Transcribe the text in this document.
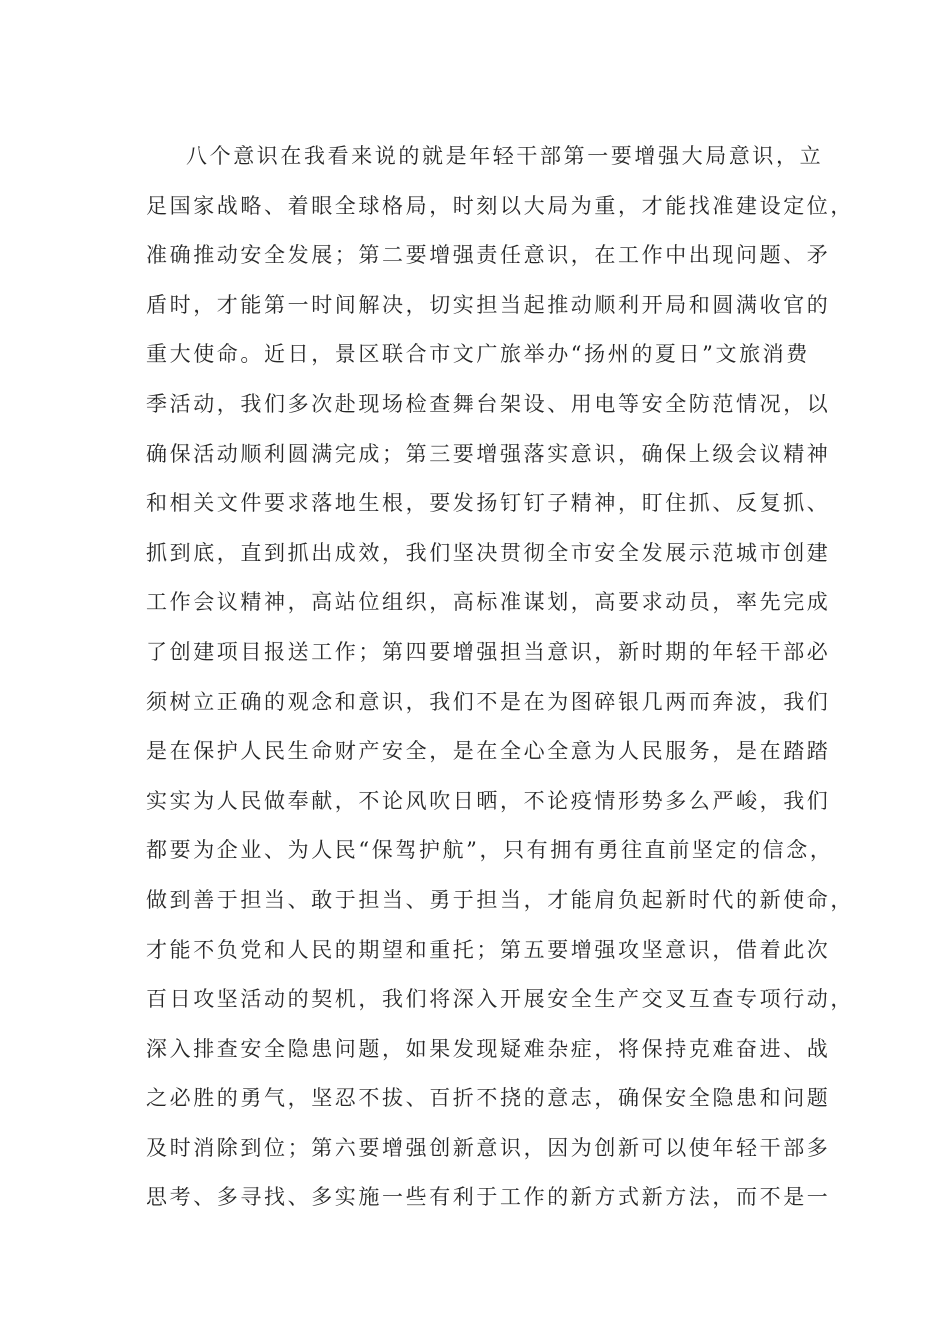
八个意识在我看来说的就是年轻干部第一要增强大局意识，立
足国家战略、着眼全球格局，时刻以大局为重，才能找准建设定位，
准确推动安全发展；第二要增强责任意识，在工作中出现问题、矛
盾时，才能第一时间解决，切实担当起推动顺利开局和圆满收官的
重大使命。近日，景区联合市文广旅举办“扬州的夏日”文旅消费
季活动，我们多次赴现场检查舞台架设、用电等安全防范情况，以
确保活动顺利圆满完成；第三要增强落实意识，确保上级会议精神
和相关文件要求落地生根，要发扬钉钉子精神，盯住抓、反复抓、
抓到底，直到抓出成效，我们坚决贯彻全市安全发展示范城市创建
工作会议精神，高站位组织，高标准谋划，高要求动员，率先完成
了创建项目报送工作；第四要增强担当意识，新时期的年轻干部必
须树立正确的观念和意识，我们不是在为图碎银几两而奔波，我们
是在保护人民生命财产安全，是在全心全意为人民服务，是在踏踏
实实为人民做奉献，不论风吹日晒，不论疫情形势多么严峻，我们
都要为企业、为人民“保驾护航”，只有拥有勇往直前坚定的信念，
做到善于担当、敢于担当、勇于担当，才能肩负起新时代的新使命，
才能不负党和人民的期望和重托；第五要增强攻坚意识，借着此次
百日攻坚活动的契机，我们将深入开展安全生产交叉互查专项行动，
深入排查安全隐患问题，如果发现疑难杂症，将保持克难奋进、战
之必胜的勇气，坚忍不拔、百折不挠的意志，确保安全隐患和问题
及时消除到位；第六要增强创新意识，因为创新可以使年轻干部多
思考、多寻找、多实施一些有利于工作的新方式新方法，而不是一
